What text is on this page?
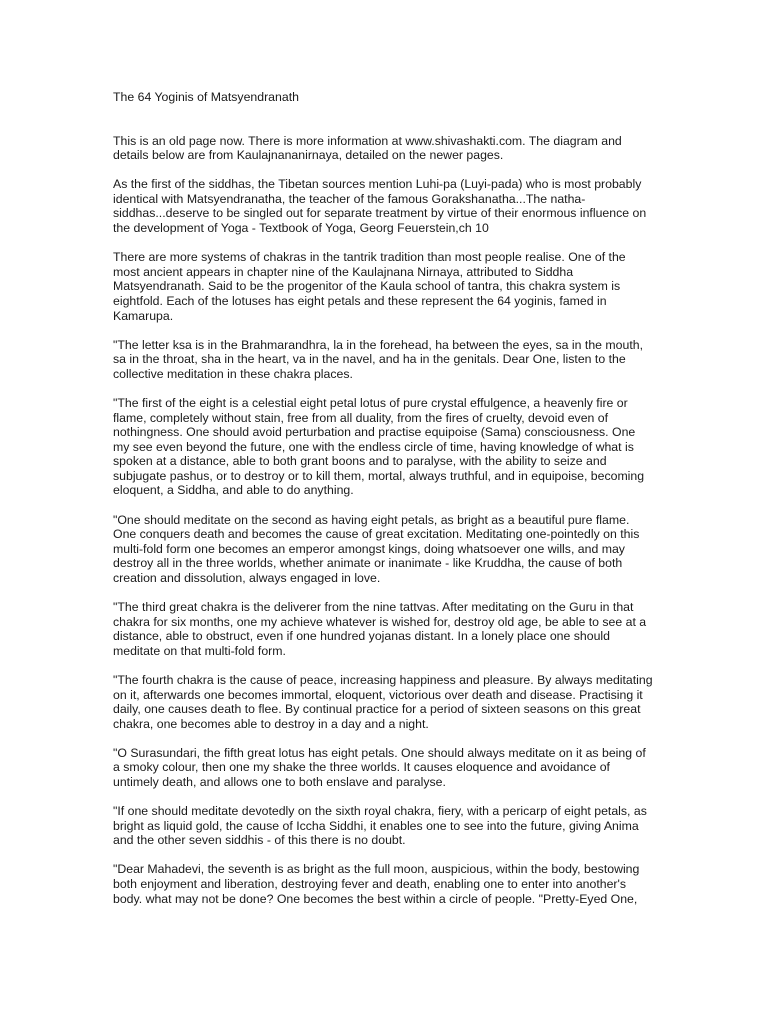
The 64 Yoginis of Matsyendranath

This is an old page now. There is more information at www.shivashakti.com. The diagram and details below are from Kaulajnananirnaya, detailed on the newer pages.

As the first of the siddhas, the Tibetan sources mention Luhi-pa (Luyi-pada) who is most probably identical with Matsyendranatha, the teacher of the famous Gorakshanatha...The natha-siddhas...deserve to be singled out for separate treatment by virtue of their enormous influence on the development of Yoga - Textbook of Yoga, Georg Feuerstein,ch 10

There are more systems of chakras in the tantrik tradition than most people realise. One of the most ancient appears in chapter nine of the Kaulajnana Nirnaya, attributed to Siddha Matsyendranath. Said to be the progenitor of the Kaula school of tantra, this chakra system is eightfold. Each of the lotuses has eight petals and these represent the 64 yoginis, famed in Kamarupa.

"The letter ksa is in the Brahmarandhra, la in the forehead, ha between the eyes, sa in the mouth, sa in the throat, sha in the heart, va in the navel, and ha in the genitals. Dear One, listen to the collective meditation in these chakra places.

"The first of the eight is a celestial eight petal lotus of pure crystal effulgence, a heavenly fire or flame, completely without stain, free from all duality, from the fires of cruelty, devoid even of nothingness. One should avoid perturbation and practise equipoise (Sama) consciousness. One my see even beyond the future, one with the endless circle of time, having knowledge of what is spoken at a distance, able to both grant boons and to paralyse, with the ability to seize and subjugate pashus, or to destroy or to kill them, mortal, always truthful, and in equipoise, becoming eloquent, a Siddha, and able to do anything.

"One should meditate on the second as having eight petals, as bright as a beautiful pure flame. One conquers death and becomes the cause of great excitation. Meditating one-pointedly on this multi-fold form one becomes an emperor amongst kings, doing whatsoever one wills, and may destroy all in the three worlds, whether animate or inanimate - like Kruddha, the cause of both creation and dissolution, always engaged in love.

"The third great chakra is the deliverer from the nine tattvas. After meditating on the Guru in that chakra for six months, one my achieve whatever is wished for, destroy old age, be able to see at a distance, able to obstruct, even if one hundred yojanas distant. In a lonely place one should meditate on that multi-fold form.

"The fourth chakra is the cause of peace, increasing happiness and pleasure. By always meditating on it, afterwards one becomes immortal, eloquent, victorious over death and disease. Practising it daily, one causes death to flee. By continual practice for a period of sixteen seasons on this great chakra, one becomes able to destroy in a day and a night.

"O Surasundari, the fifth great lotus has eight petals. One should always meditate on it as being of a smoky colour, then one my shake the three worlds. It causes eloquence and avoidance of untimely death, and allows one to both enslave and paralyse.

"If one should meditate devotedly on the sixth royal chakra, fiery, with a pericarp of eight petals, as bright as liquid gold, the cause of Iccha Siddhi, it enables one to see into the future, giving Anima and the other seven siddhis - of this there is no doubt.

"Dear Mahadevi, the seventh is as bright as the full moon, auspicious, within the body, bestowing both enjoyment and liberation, destroying fever and death, enabling one to enter into another's body. what may not be done? One becomes the best within a circle of people. "Pretty-Eyed One,
